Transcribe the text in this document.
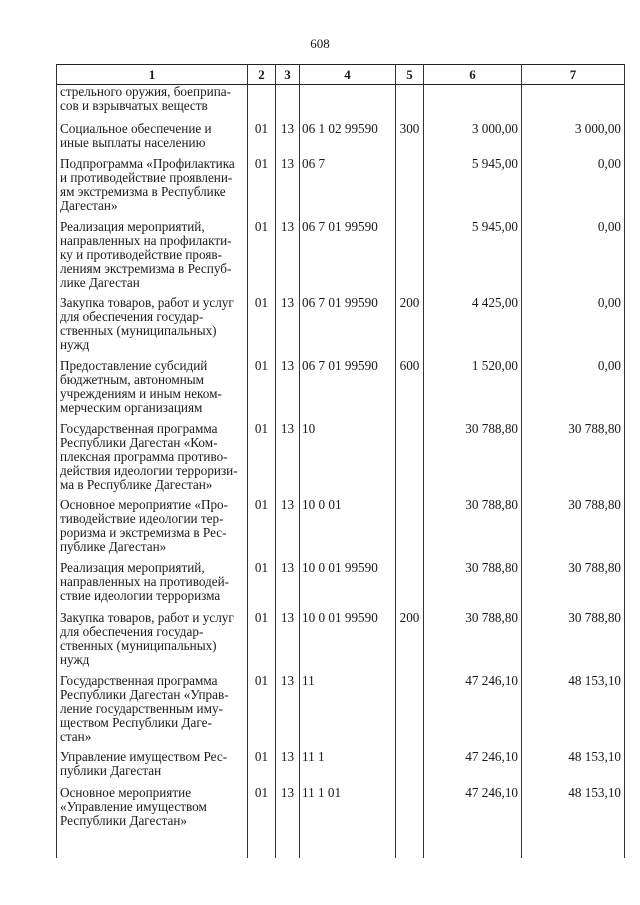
608
1	2	3	4	5	6	7
стрельного оружия, боеприпа-
сов и взрывчатых веществ						
Социальное обеспечение и
иные выплаты населению	01	13	06 1 02 99590	300	3 000,00	3 000,00
Подпрограмма «Профилактика
и противодействие проявлени-
ям экстремизма в Республике
Дагестан»	01	13	06 7		5 945,00	0,00
Реализация мероприятий,
направленных на профилакти-
ку и противодействие прояв-
лениям экстремизма в Респуб-
лике Дагестан	01	13	06 7 01 99590		5 945,00	0,00
Закупка товаров, работ и услуг
для обеспечения государ-
ственных (муниципальных)
нужд	01	13	06 7 01 99590	200	4 425,00	0,00
Предоставление субсидий
бюджетным, автономным
учреждениям и иным неком-
мерческим организациям	01	13	06 7 01 99590	600	1 520,00	0,00
Государственная программа
Республики Дагестан «Ком-
плексная программа противо-
действия идеологии терроризи-
ма в Республике Дагестан»	01	13	10		30 788,80	30 788,80
Основное мероприятие «Про-
тиводействие идеологии тер-
роризма и экстремизма в Рес-
публике Дагестан»	01	13	10 0 01		30 788,80	30 788,80
Реализация мероприятий,
направленных на противодей-
ствие идеологии терроризма	01	13	10 0 01 99590		30 788,80	30 788,80
Закупка товаров, работ и услуг
для обеспечения государ-
ственных (муниципальных)
нужд	01	13	10 0 01 99590	200	30 788,80	30 788,80
Государственная программа
Республики Дагестан «Управ-
ление государственным иму-
ществом Республики Даге-
стан»	01	13	11		47 246,10	48 153,10
Управление имуществом Рес-
публики Дагестан	01	13	11 1		47 246,10	48 153,10
Основное мероприятие
«Управление имуществом
Республики Дагестан»	01	13	11 1 01		47 246,10	48 153,10
